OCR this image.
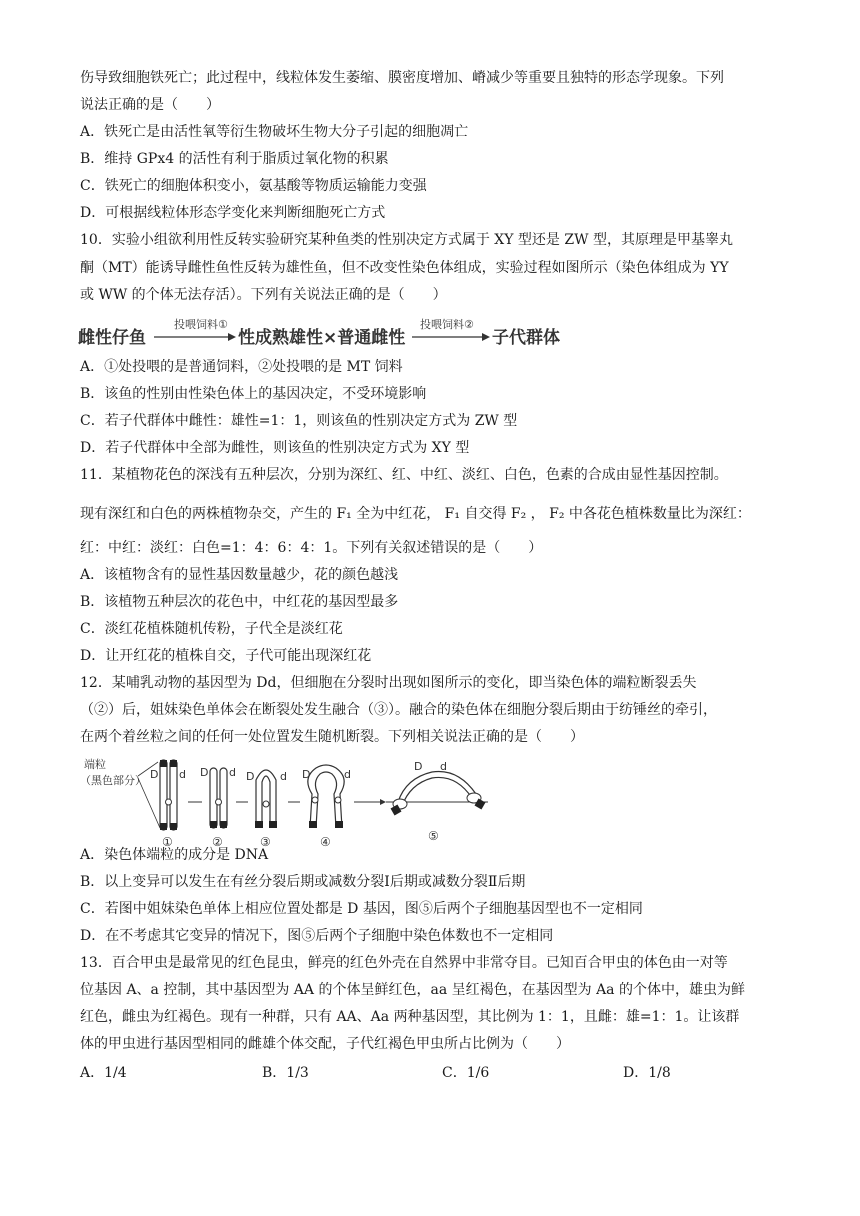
伤导致细胞铁死亡；此过程中，线粒体发生萎缩、膜密度增加、嵴减少等重要且独特的形态学现象。下列
说法正确的是（　　）
A．铁死亡是由活性氧等衍生物破坏生物大分子引起的细胞凋亡
B．维持 GPx4 的活性有利于脂质过氧化物的积累
C．铁死亡的细胞体积变小，氨基酸等物质运输能力变强
D．可根据线粒体形态学变化来判断细胞死亡方式
10．实验小组欲利用性反转实验研究某种鱼类的性别决定方式属于 XY 型还是 ZW 型，其原理是甲基睾丸
酮（MT）能诱导雌性鱼性反转为雄性鱼，但不改变性染色体组成，实验过程如图所示（染色体组成为 YY
或 WW 的个体无法存活）。下列有关说法正确的是（　　）
雌性仔鱼
投喂饲料①
性成熟雄性×普通雌性
投喂饲料②
子代群体
A．①处投喂的是普通饲料，②处投喂的是 MT 饲料
B．该鱼的性别由性染色体上的基因决定，不受环境影响
C．若子代群体中雌性：雄性=1：1，则该鱼的性别决定方式为 ZW 型
D．若子代群体中全部为雌性，则该鱼的性别决定方式为 XY 型
11．某植物花色的深浅有五种层次，分别为深红、红、中红、淡红、白色，色素的合成由显性基因控制。
现有深红和白色的两株植物杂交，产生的 F₁ 全为中红花， F₁ 自交得 F₂ ， F₂ 中各花色植株数量比为深红：
红：中红：淡红：白色=1：4：6：4：1。下列有关叙述错误的是（　　）
A．该植物含有的显性基因数量越少，花的颜色越浅
B．该植物五种层次的花色中，中红花的基因型最多
C．淡红花植株随机传粉，子代全是淡红花
D．让开红花的植株自交，子代可能出现深红花
12．某哺乳动物的基因型为 Dd，但细胞在分裂时出现如图所示的变化，即当染色体的端粒断裂丢失
（②）后，姐妹染色单体会在断裂处发生融合（③）。融合的染色体在细胞分裂后期由于纺锤丝的牵引，
在两个着丝粒之间的任何一处位置发生随机断裂。下列相关说法正确的是（　　）
端粒
（黑色部分） D d
①
D d
②
D d
③
D	d
④
D d
⑤
A．染色体端粒的成分是 DNA
B．以上变异可以发生在有丝分裂后期或减数分裂Ⅰ后期或减数分裂Ⅱ后期
C．若图中姐妹染色单体上相应位置处都是 D 基因，图⑤后两个子细胞基因型也不一定相同
D．在不考虑其它变异的情况下，图⑤后两个子细胞中染色体数也不一定相同
13．百合甲虫是最常见的红色昆虫，鲜亮的红色外壳在自然界中非常夺目。已知百合甲虫的体色由一对等
位基因 A、a 控制，其中基因型为 AA 的个体呈鲜红色，aa 呈红褐色，在基因型为 Aa 的个体中，雄虫为鲜
红色，雌虫为红褐色。现有一种群，只有 AA、Aa 两种基因型，其比例为 1：1，且雌：雄=1：1。让该群
体的甲虫进行基因型相同的雌雄个体交配，子代红褐色甲虫所占比例为（　　）
A．1/4	B．1/3	C．1/6	D．1/8
